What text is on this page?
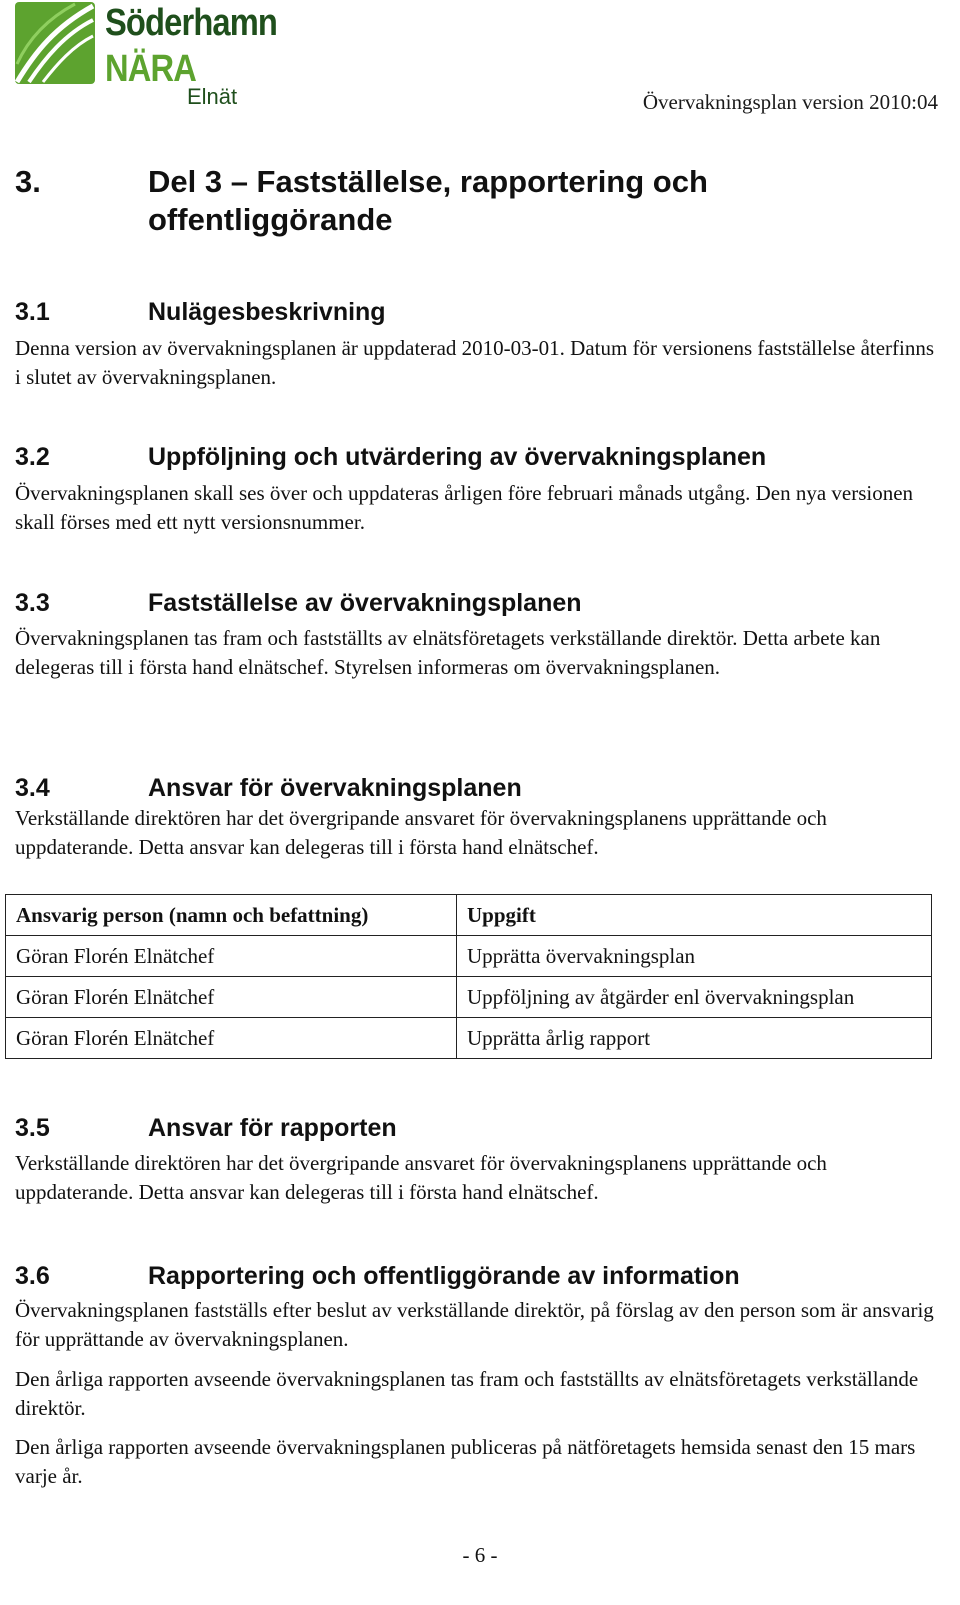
Söderhamn
NÄRA
Elnät	Övervakningsplan version 2010:04
3.	Del 3 – Fastställelse, rapportering och offentliggörande
3.1	Nulägesbeskrivning
Denna version av övervakningsplanen är uppdaterad 2010-03-01. Datum för versionens fastställelse återfinns i slutet av övervakningsplanen.
3.2	Uppföljning och utvärdering av övervakningsplanen
Övervakningsplanen skall ses över och uppdateras årligen före februari månads utgång. Den nya versionen skall förses med ett nytt versionsnummer.
3.3	Fastställelse av övervakningsplanen
Övervakningsplanen tas fram och fastställts av elnätsföretagets verkställande direktör. Detta arbete kan delegeras till i första hand elnätschef. Styrelsen informeras om övervakningsplanen.
3.4	Ansvar för övervakningsplanen
Verkställande direktören har det övergripande ansvaret för övervakningsplanens upprättande och uppdaterande. Detta ansvar kan delegeras till i första hand elnätschef.
Ansvarig person (namn och befattning)	Uppgift
Göran Florén Elnätchef	Upprätta övervakningsplan
Göran Florén Elnätchef	Uppföljning av åtgärder enl övervakningsplan
Göran Florén Elnätchef	Upprätta årlig rapport
3.5	Ansvar för rapporten
Verkställande direktören har det övergripande ansvaret för övervakningsplanens upprättande och uppdaterande. Detta ansvar kan delegeras till i första hand elnätschef.
3.6	Rapportering och offentliggörande av information
Övervakningsplanen fastställs efter beslut av verkställande direktör, på förslag av den person som är ansvarig för upprättande av övervakningsplanen.
Den årliga rapporten avseende övervakningsplanen tas fram och fastställts av elnätsföretagets verkställande direktör.
Den årliga rapporten avseende övervakningsplanen publiceras på nätföretagets hemsida senast den 15 mars varje år.
- 6 -
